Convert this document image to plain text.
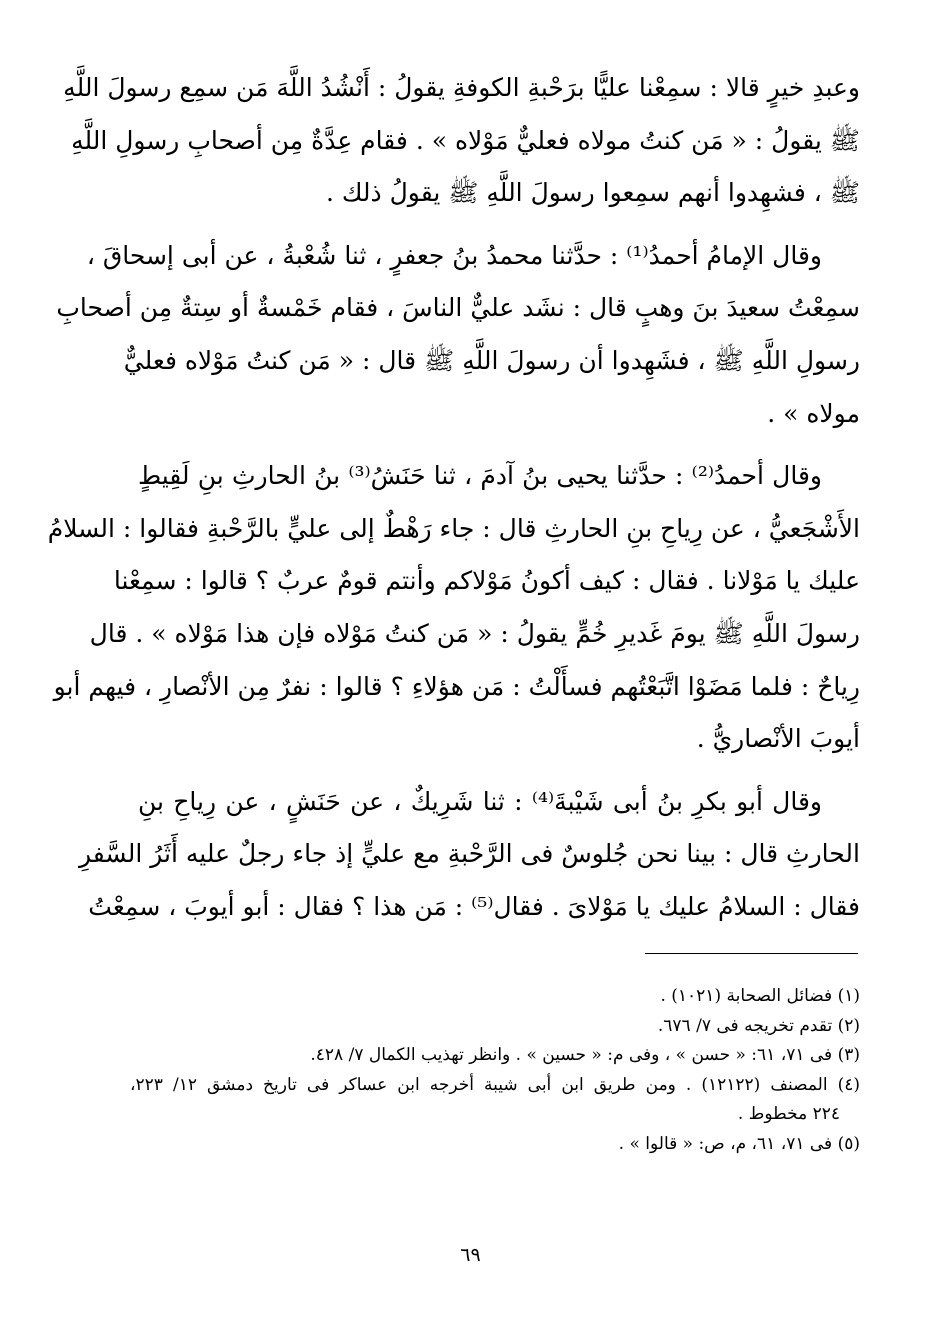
وعبدِ خيرٍ قالا : سمِعْنا عليًّا برَحْبةِ الكوفةِ يقولُ : أَنْشُدُ اللَّهَ مَن سمِع رسولَ اللَّهِ
ﷺ يقولُ : « مَن كنتُ مولاه فعليٌّ مَوْلاه » . فقام عِدَّةٌ مِن أصحابِ رسولِ اللَّهِ
ﷺ ، فشهِدوا أنهم سمِعوا رسولَ اللَّهِ ﷺ يقولُ ذلك .
وقال الإمامُ أحمدُ⁽¹⁾ : حدَّثنا محمدُ بنُ جعفرٍ ، ثنا شُعْبةُ ، عن أبى إسحاقَ ،
سمِعْتُ سعيدَ بنَ وهبٍ قال : نشَد عليٌّ الناسَ ، فقام خَمْسةٌ أو سِتةٌ مِن أصحابِ
رسولِ اللَّهِ ﷺ ، فشَهِدوا أن رسولَ اللَّهِ ﷺ قال : « مَن كنتُ مَوْلاه فعليٌّ
مولاه » .
وقال أحمدُ⁽²⁾ : حدَّثنا يحيى بنُ آدمَ ، ثنا حَنَشُ⁽³⁾ بنُ الحارثِ بنِ لَقِيطٍ
الأَشْجَعيُّ ، عن رِياحِ بنِ الحارثِ قال : جاء رَهْطٌ إلى عليٍّ بالرَّحْبةِ فقالوا : السلامُ
عليك يا مَوْلانا . فقال : كيف أكونُ مَوْلاكم وأنتم قومٌ عربٌ ؟ قالوا : سمِعْنا
رسولَ اللَّهِ ﷺ يومَ غَديرِ خُمٍّ يقولُ : « مَن كنتُ مَوْلاه فإن هذا مَوْلاه » . قال
رِياحٌ : فلما مَضَوْا اتَّبَعْتُهم فسأَلْتُ : مَن هؤلاءِ ؟ قالوا : نفرٌ مِن الأنْصارِ ، فيهم أبو
أيوبَ الأنْصاريُّ .
وقال أبو بكرِ بنُ أبى شَيْبةَ⁽⁴⁾ : ثنا شَرِيكٌ ، عن حَنَشٍ ، عن رِياحِ بنِ
الحارثِ قال : بينا نحن جُلوسٌ فى الرَّحْبةِ مع عليٍّ إذ جاء رجلٌ عليه أَثَرُ السَّفرِ
فقال : السلامُ عليك يا مَوْلاىَ . فقال⁽⁵⁾ : مَن هذا ؟ فقال : أبو أيوبَ ، سمِعْتُ
(١) فضائل الصحابة (١٠٢١) .
(٢) تقدم تخريجه فى ٧/ ٦٧٦.
(٣) فى ٧١، ٦١: « حسن » ، وفى م: « حسين » . وانظر تهذيب الكمال ٧/ ٤٢٨.
(٤) المصنف (١٢١٢٢) . ومن طريق ابن أبى شيبة أخرجه ابن عساكر فى تاريخ دمشق ١٢/ ٢٢٣،
٢٢٤ مخطوط .
(٥) فى ٧١، ٦١، م، ص: « قالوا » .
٦٩
